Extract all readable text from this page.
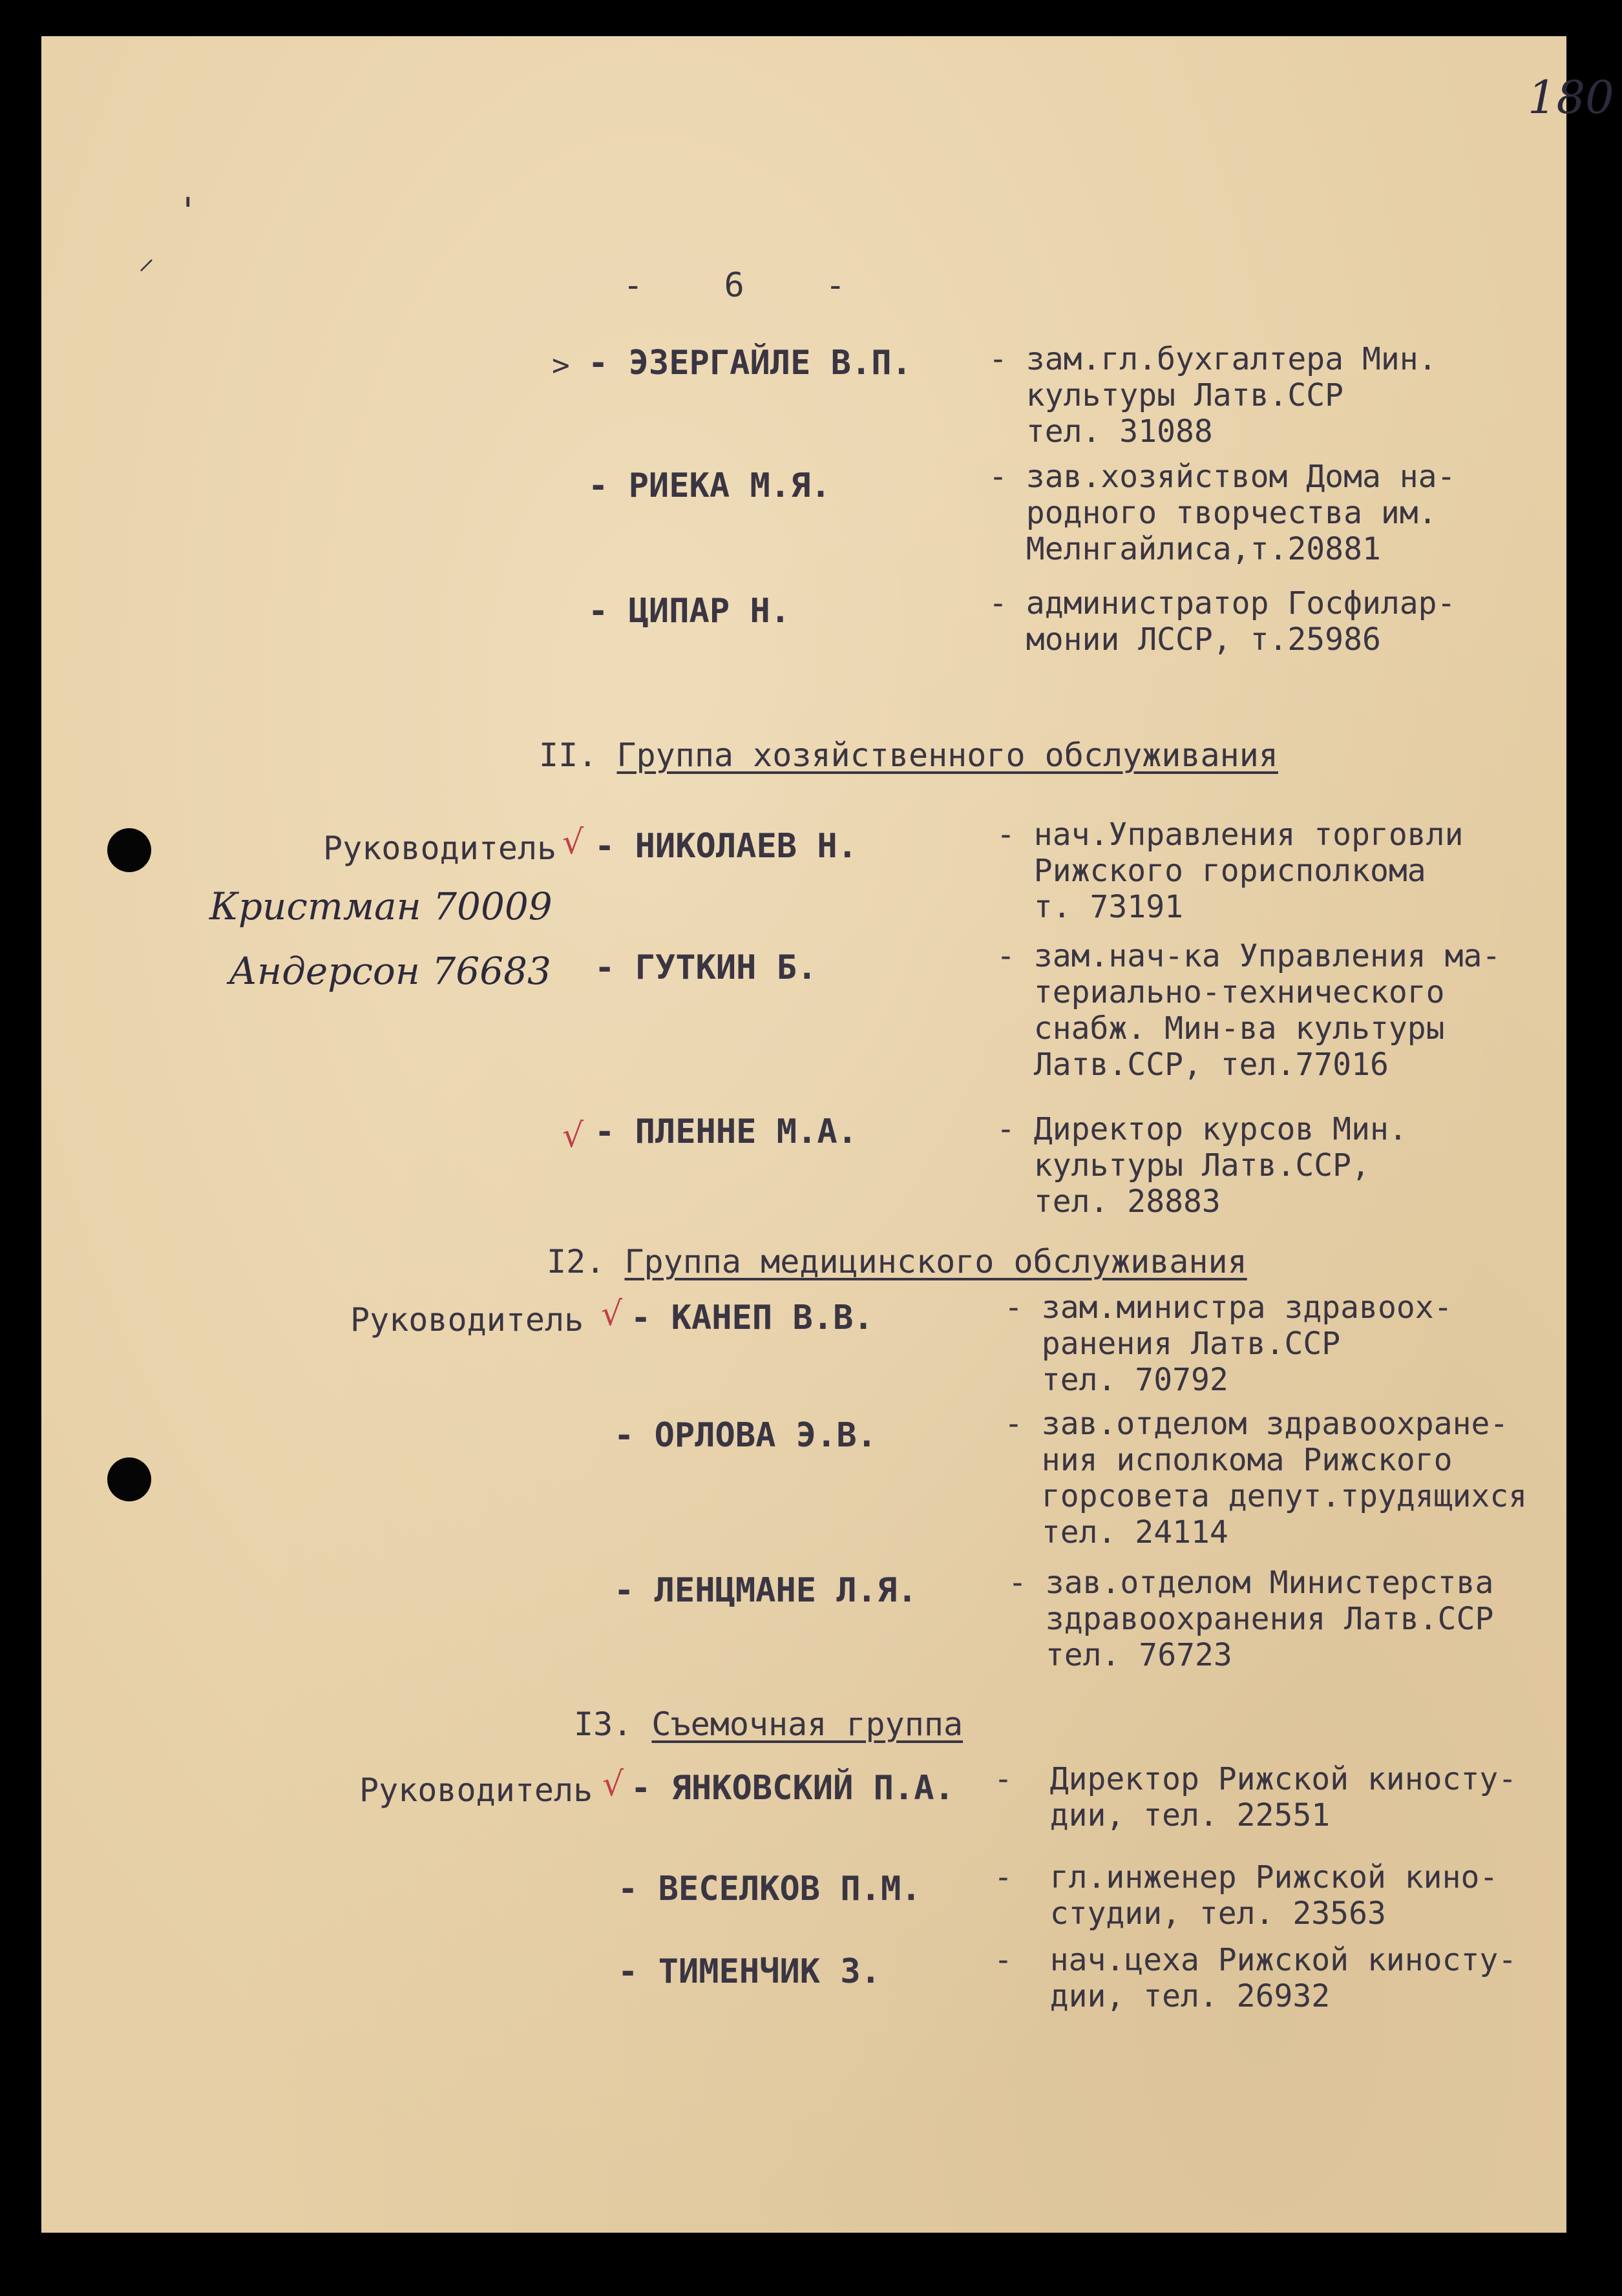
180
'
⸝
-    6    -
> - ЭЗЕРГАЙЛЕ В.П. - зам.гл.бухгалтера Мин.
культуры Латв.ССР
тел. 31088
- РИЕКА М.Я.	- зав.хозяйством Дома на-
родного творчества им.
Мелнгайлиса,т.20881
- ЦИПАР Н.	- администратор Госфилар-
монии ЛССР, т.25986
II. Группа хозяйственного обслуживания
Руководитель √ - НИКОЛАЕВ Н.	- нач.Управления торговли
Рижского горисполкома
т. 73191
Кристман 70009
Андерсон 76683 - ГУТКИН Б.	- зам.нач-ка Управления ма-
териально-технического
снабж. Мин-ва культуры
Латв.ССР, тел.77016
√ - ПЛЕННЕ М.А.	- Директор курсов Мин.
культуры Латв.ССР,
тел. 28883
I2. Группа медицинского обслуживания
Руководитель √ - КАНЕП В.В.	- зам.министра здравоох-
ранения Латв.ССР
тел. 70792
- ОРЛОВА Э.В.	- зав.отделом здравоохране-
ния исполкома Рижского
горсовета депут.трудящихся
тел. 24114
- ЛЕНЦМАНЕ Л.Я.	- зав.отделом Министерства
здравоохранения Латв.ССР
тел. 76723
I3. Съемочная группа
Руководитель √ - ЯНКОВСКИЙ П.А. -  Директор Рижской киносту-
дии, тел. 22551
- ВЕСЕЛКОВ П.М. -  гл.инженер Рижской кино-
студии, тел. 23563
- ТИМЕНЧИК З.	-  нач.цеха Рижской киносту-
дии, тел. 26932
